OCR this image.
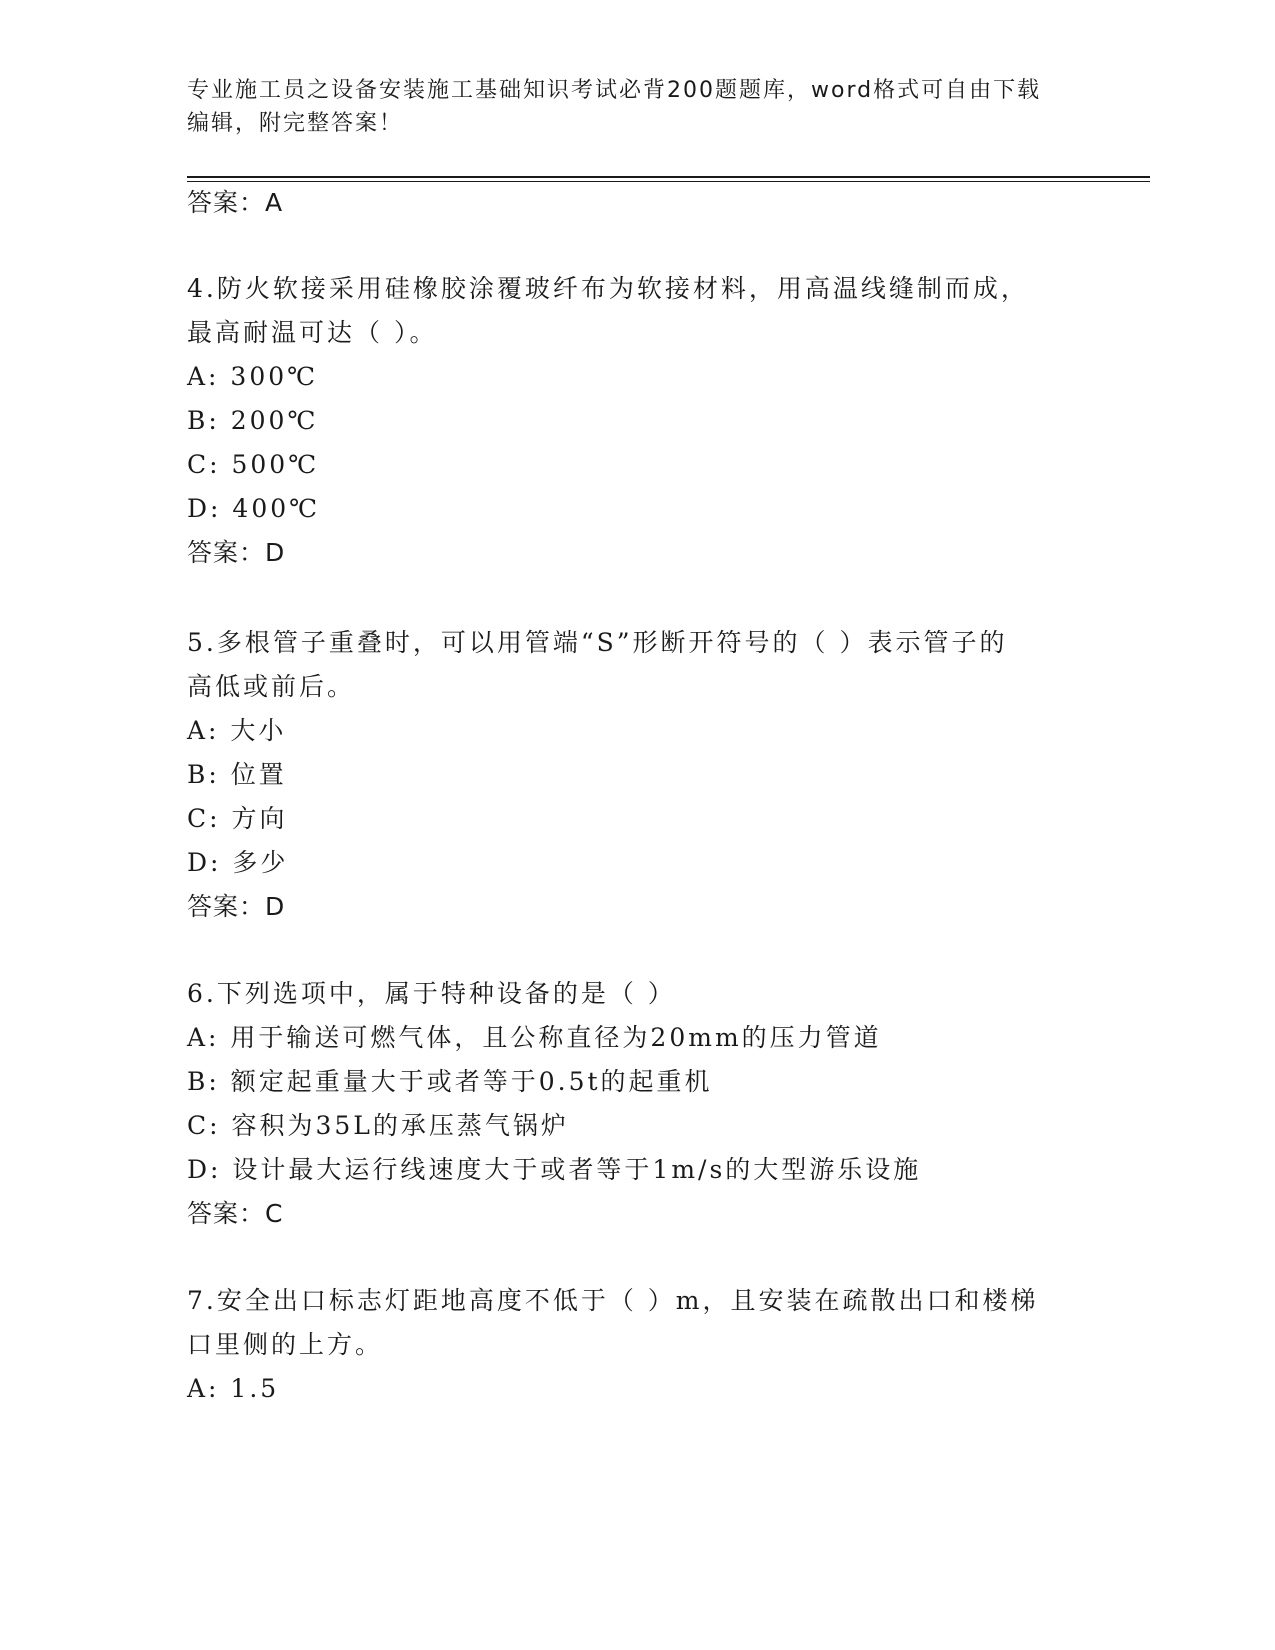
专业施工员之设备安装施工基础知识考试必背200题题库，word格式可自由下载
编辑，附完整答案！
答案：A
4.防火软接采用硅橡胶涂覆玻纤布为软接材料，用高温线缝制而成，
最高耐温可达（ ）。
A: 300℃
B: 200℃
C: 500℃
D: 400℃
答案：D
5.多根管子重叠时，可以用管端“S”形断开符号的（ ）表示管子的
高低或前后。
A: 大小
B: 位置
C: 方向
D: 多少
答案：D
6.下列选项中，属于特种设备的是（ ）
A: 用于输送可燃气体，且公称直径为20mm的压力管道
B: 额定起重量大于或者等于0.5t的起重机
C: 容积为35L的承压蒸气锅炉
D: 设计最大运行线速度大于或者等于1m/s的大型游乐设施
答案：C
7.安全出口标志灯距地高度不低于（ ）m，且安装在疏散出口和楼梯
口里侧的上方。
A: 1.5
